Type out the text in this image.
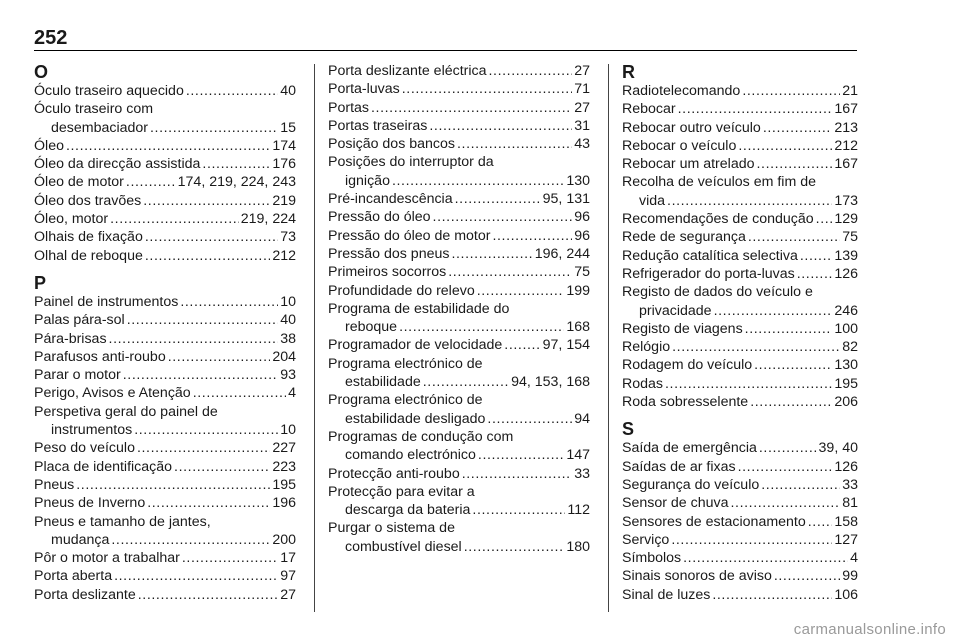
252
O
Óculo traseiro aquecido .....	40
Óculo traseiro com
desembaciador .....	15
Óleo .....	174
Óleo da direcção assistida .....	176
Óleo de motor .....	174, 219, 224, 243
Óleo dos travões .....	219
Óleo, motor .....	219, 224
Olhais de fixação .....	73
Olhal de reboque .....	212
P
Painel de instrumentos .....	10
Palas pára-sol .....	40
Pára-brisas .....	38
Parafusos anti-roubo .....	204
Parar o motor .....	93
Perigo, Avisos e Atenção .....	4
Perspetiva geral do painel de
instrumentos .....	10
Peso do veículo .....	227
Placa de identificação .....	223
Pneus .....	195
Pneus de Inverno .....	196
Pneus e tamanho de jantes,
mudança .....	200
Pôr o motor a trabalhar .....	17
Porta aberta .....	97
Porta deslizante .....	27
Porta deslizante eléctrica .....	27
Porta-luvas .....	71
Portas .....	27
Portas traseiras .....	31
Posição dos bancos .....	43
Posições do interruptor da
ignição .....	130
Pré-incandescência .....	95, 131
Pressão do óleo .....	96
Pressão do óleo de motor .....	96
Pressão dos pneus .....	196, 244
Primeiros socorros .....	75
Profundidade do relevo .....	199
Programa de estabilidade do
reboque .....	168
Programador de velocidade .....	97, 154
Programa electrónico de
estabilidade .....	94, 153, 168
Programa electrónico de
estabilidade desligado .....	94
Programas de condução com
comando electrónico .....	147
Protecção anti-roubo .....	33
Protecção para evitar a
descarga da bateria .....	112
Purgar o sistema de
combustível diesel .....	180
R
Radiotelecomando .....	21
Rebocar .....	167
Rebocar outro veículo .....	213
Rebocar o veículo .....	212
Rebocar um atrelado .....	167
Recolha de veículos em fim de
vida .....	173
Recomendações de condução ..... 129
Rede de segurança .....	75
Redução catalítica selectiva .....	139
Refrigerador do porta-luvas .....	126
Registo de dados do veículo e
privacidade .....	246
Registo de viagens .....	100
Relógio .....	82
Rodagem do veículo .....	130
Rodas .....	195
Roda sobresselente .....	206
S
Saída de emergência .....	39, 40
Saídas de ar fixas .....	126
Segurança do veículo .....	33
Sensor de chuva .....	81
Sensores de estacionamento ..... 158
Serviço .....	127
Símbolos .....	4
Sinais sonoros de aviso .....	99
Sinal de luzes .....	106
carmanualsonline.info
